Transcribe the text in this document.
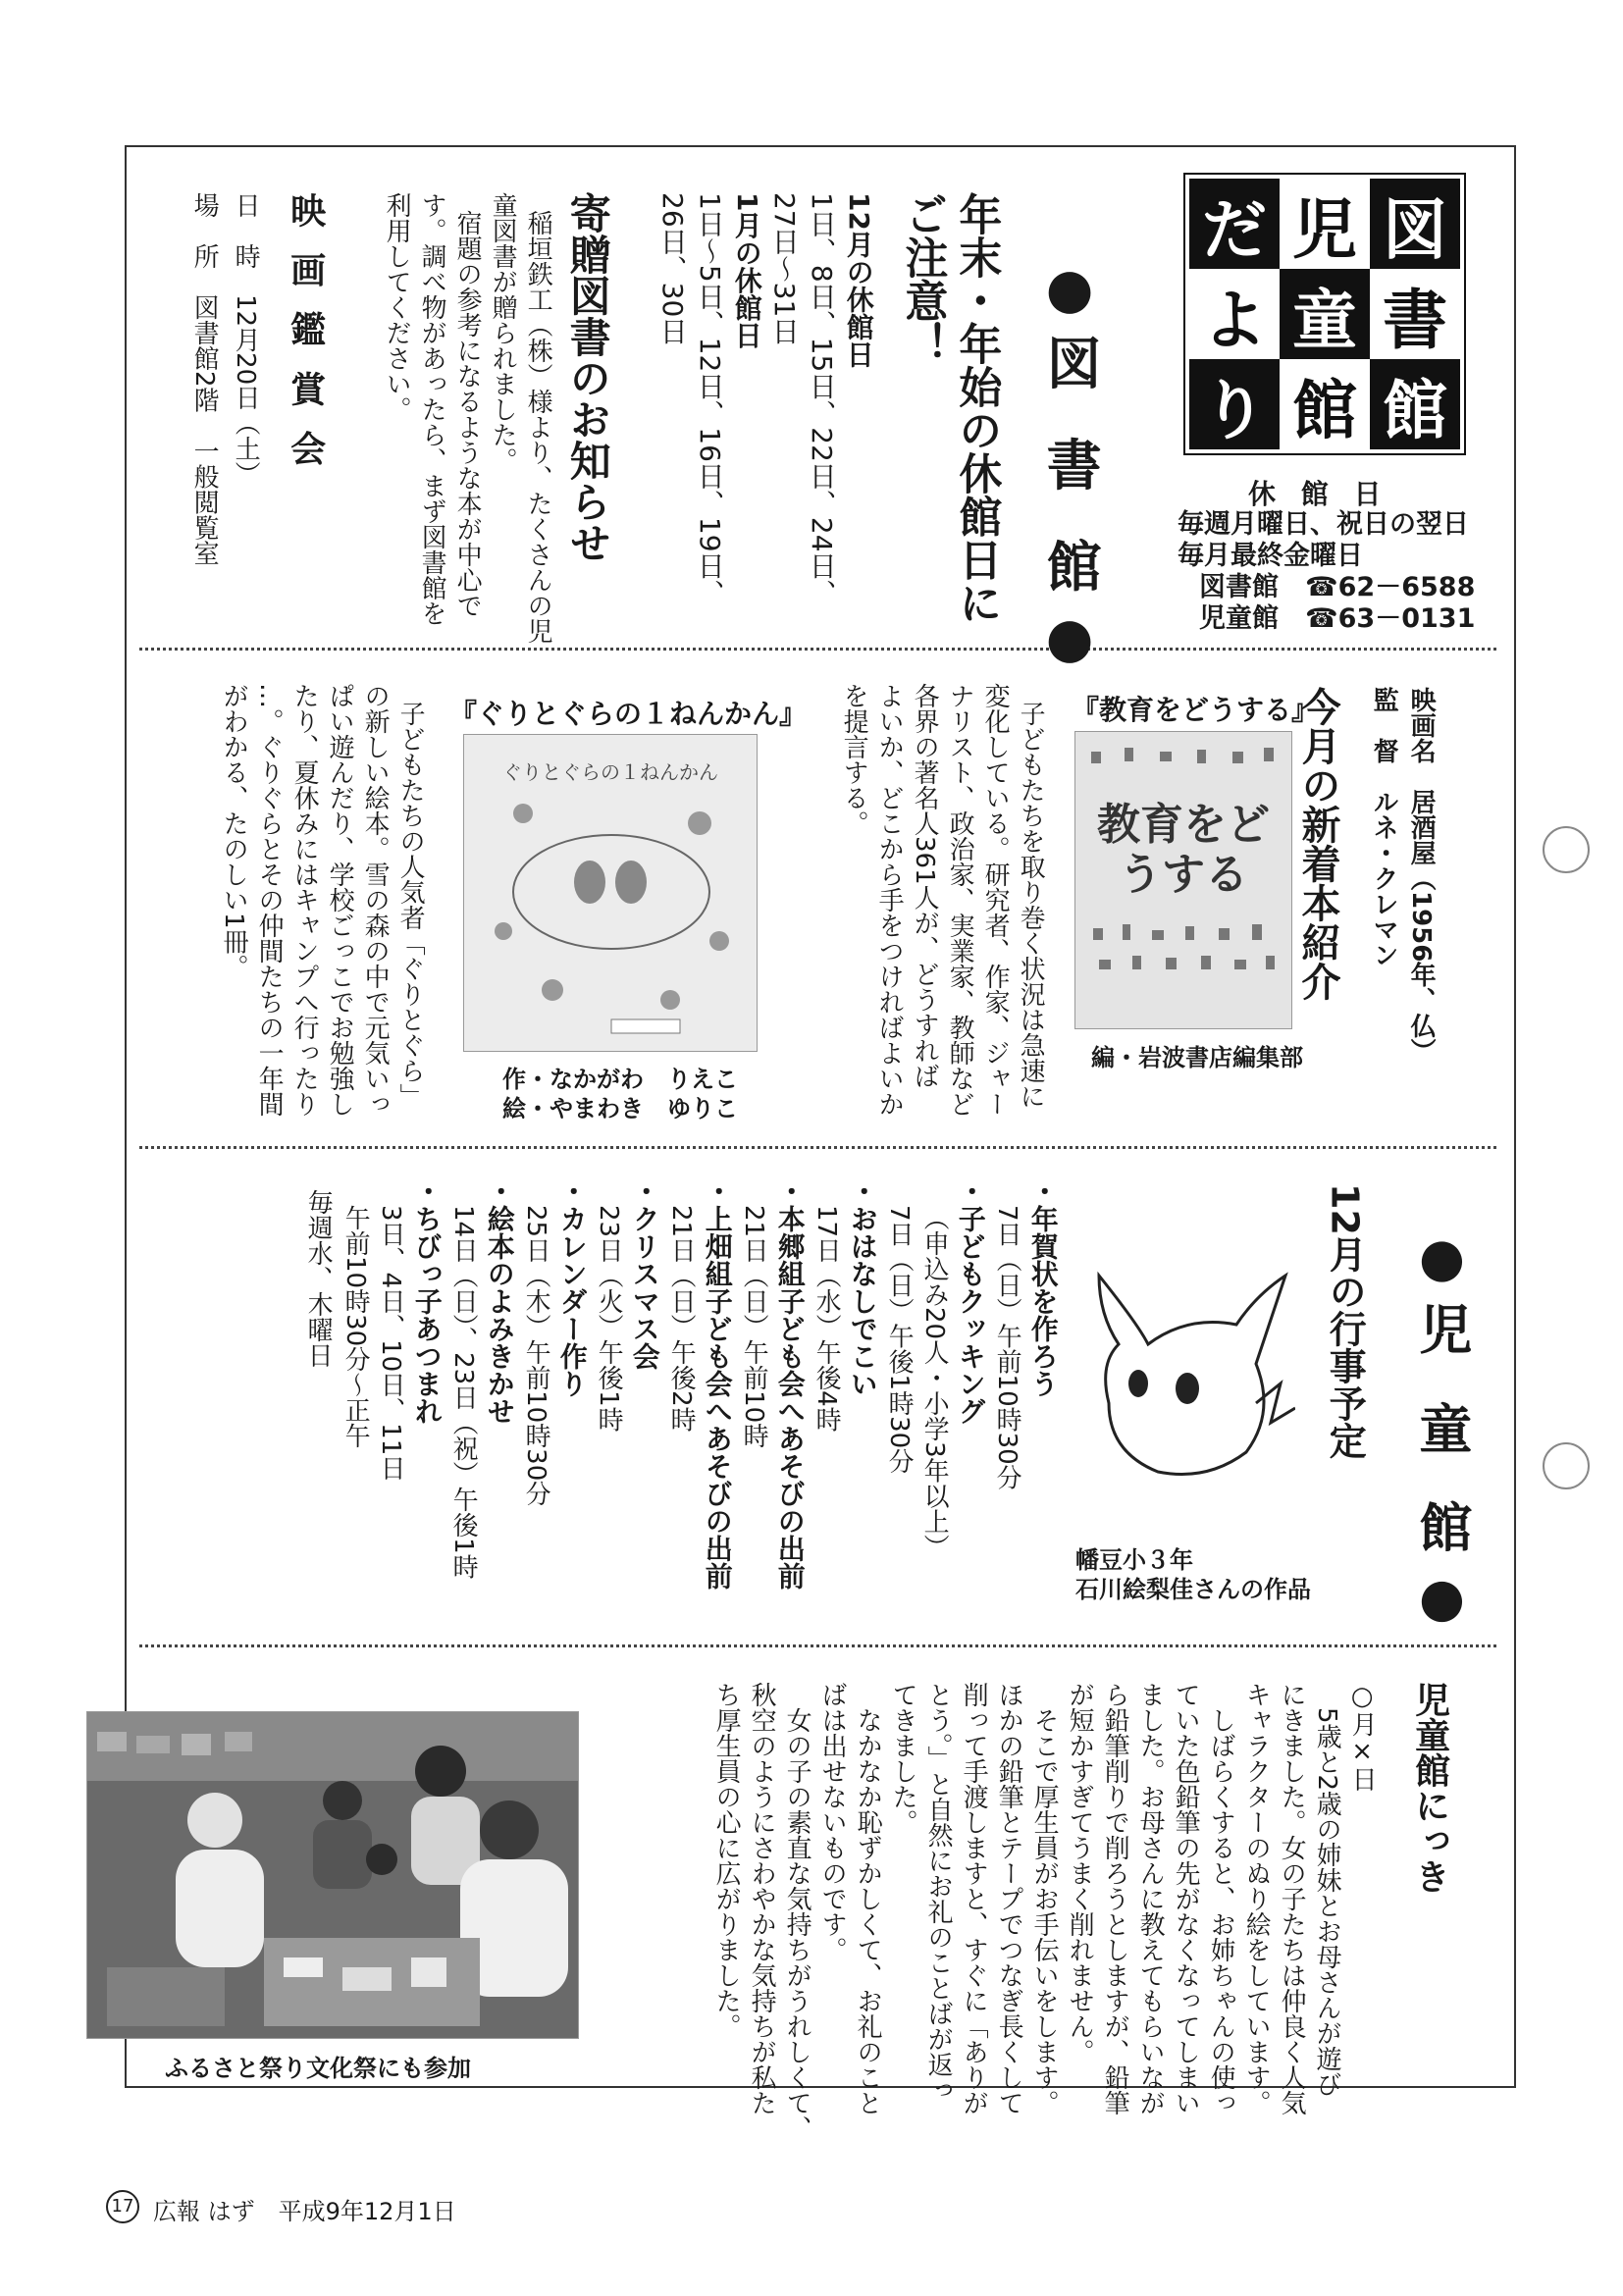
だ 児 図
よ 童 書
り 館 館
休 館 日
毎週月曜日、祝日の翌日
毎月最終金曜日
図書館　☎62－6588
児童館　☎63－0131
●図 書 館●
年末・年始の休館日に
ご注意！
12月の休館日
1日、8日、15日、22日、24日、
27日～31日
1月の休館日
1日～5日、12日、16日、19日、
26日、30日
寄贈図書のお知らせ
稲垣鉄工（株）様より、たくさんの児
童図書が贈られました。
宿題の参考になるような本が中心で
す。調べ物があったら、まず図書館を
利用してください。
映 画 鑑 賞 会
日　時　12月20日（土）
場　所　図書館2階　一般閲覧室
映画名　居酒屋（1956年、仏）
監　督　ルネ・クレマン
今月の新着本紹介
『教育をどうする』
教育をどうする
編・岩波書店編集部
子どもたちを取り巻く状況は急速に
変化している。研究者、作家、ジャー
ナリスト、政治家、実業家、教師など
各界の著名人361人が、どうすれば
よいか、どこから手をつければよいか
を提言する。
『ぐりとぐらの１ねんかん』
ぐりとぐらの１ねんかん
作・なかがわ　りえこ
絵・やまわき　ゆりこ
子どもたちの人気者「ぐりとぐら」
の新しい絵本。雪の森の中で元気いっ
ぱい遊んだり、学校ごっこでお勉強し
たり、夏休みにはキャンプへ行ったり
…。ぐりぐらとその仲間たちの一年間
がわかる、たのしい1冊。
●児 童 館●
12月の行事予定
幡豆小３年
石川絵梨佳さんの作品
・年賀状を作ろう
7日（日）午前10時30分
・子どもクッキング
（申込み20人・小学3年以上）
7日（日）午後1時30分
・おはなしでこい
17日（水）午後4時
・本郷組子ども会へあそびの出前
21日（日）午前10時
・上畑組子ども会へあそびの出前
21日（日）午後2時
・クリスマス会
23日（火）午後1時
・カレンダー作り
25日（木）午前10時30分
・絵本のよみきかせ
14日（日）、23日（祝）午後1時
・ちびっ子あつまれ
3日、4日、10日、11日
午前10時30分～正午
毎週水、木曜日
児童館にっき
○月×日
5歳と2歳の姉妹とお母さんが遊び
にきました。女の子たちは仲良く人気
キャラクターのぬり絵をしています。
しばらくすると、お姉ちゃんの使っ
ていた色鉛筆の先がなくなってしまい
ました。お母さんに教えてもらいなが
ら鉛筆削りで削ろうとしますが、鉛筆
が短かすぎてうまく削れません。
そこで厚生員がお手伝いをします。
ほかの鉛筆とテープでつなぎ長くして
削って手渡しますと、すぐに「ありが
とう。」と自然にお礼のことばが返っ
てきました。
なかなか恥ずかしくて、お礼のこと
ばは出せないものです。
女の子の素直な気持ちがうれしくて、
秋空のようにさわやかな気持ちが私た
ち厚生員の心に広がりました。
ふるさと祭り文化祭にも参加
17 広報 はず　平成9年12月1日
